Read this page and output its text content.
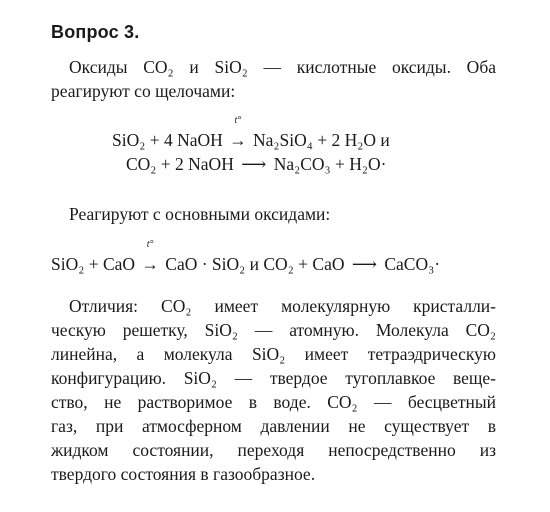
Вопрос 3.
Оксиды CO₂ и SiO₂ — кислотные оксиды. Оба
реагируют со щелочами:
SiO₂ + 4 NaOH
t°
→ Na₂SiO₄ + 2 H₂O и
CO₂ + 2 NaOH ⟶ Na₂CO₃ + H₂O·
Реагируют с основными оксидами:
SiO₂ + CaO
t°
→ CaO · SiO₂ и CO₂ + CaO ⟶ CaCO₃·
Отличия: CO₂ имеет молекулярную кристалли-
ческую решетку, SiO₂ — атомную. Молекула CO₂
линейна, а молекула SiO₂ имеет тетраэдрическую
конфигурацию. SiO₂ — твердое тугоплавкое веще-
ство, не растворимое в воде. CO₂ — бесцветный
газ, при атмосферном давлении не существует в
жидком состоянии, переходя непосредственно из
твердого состояния в газообразное.
